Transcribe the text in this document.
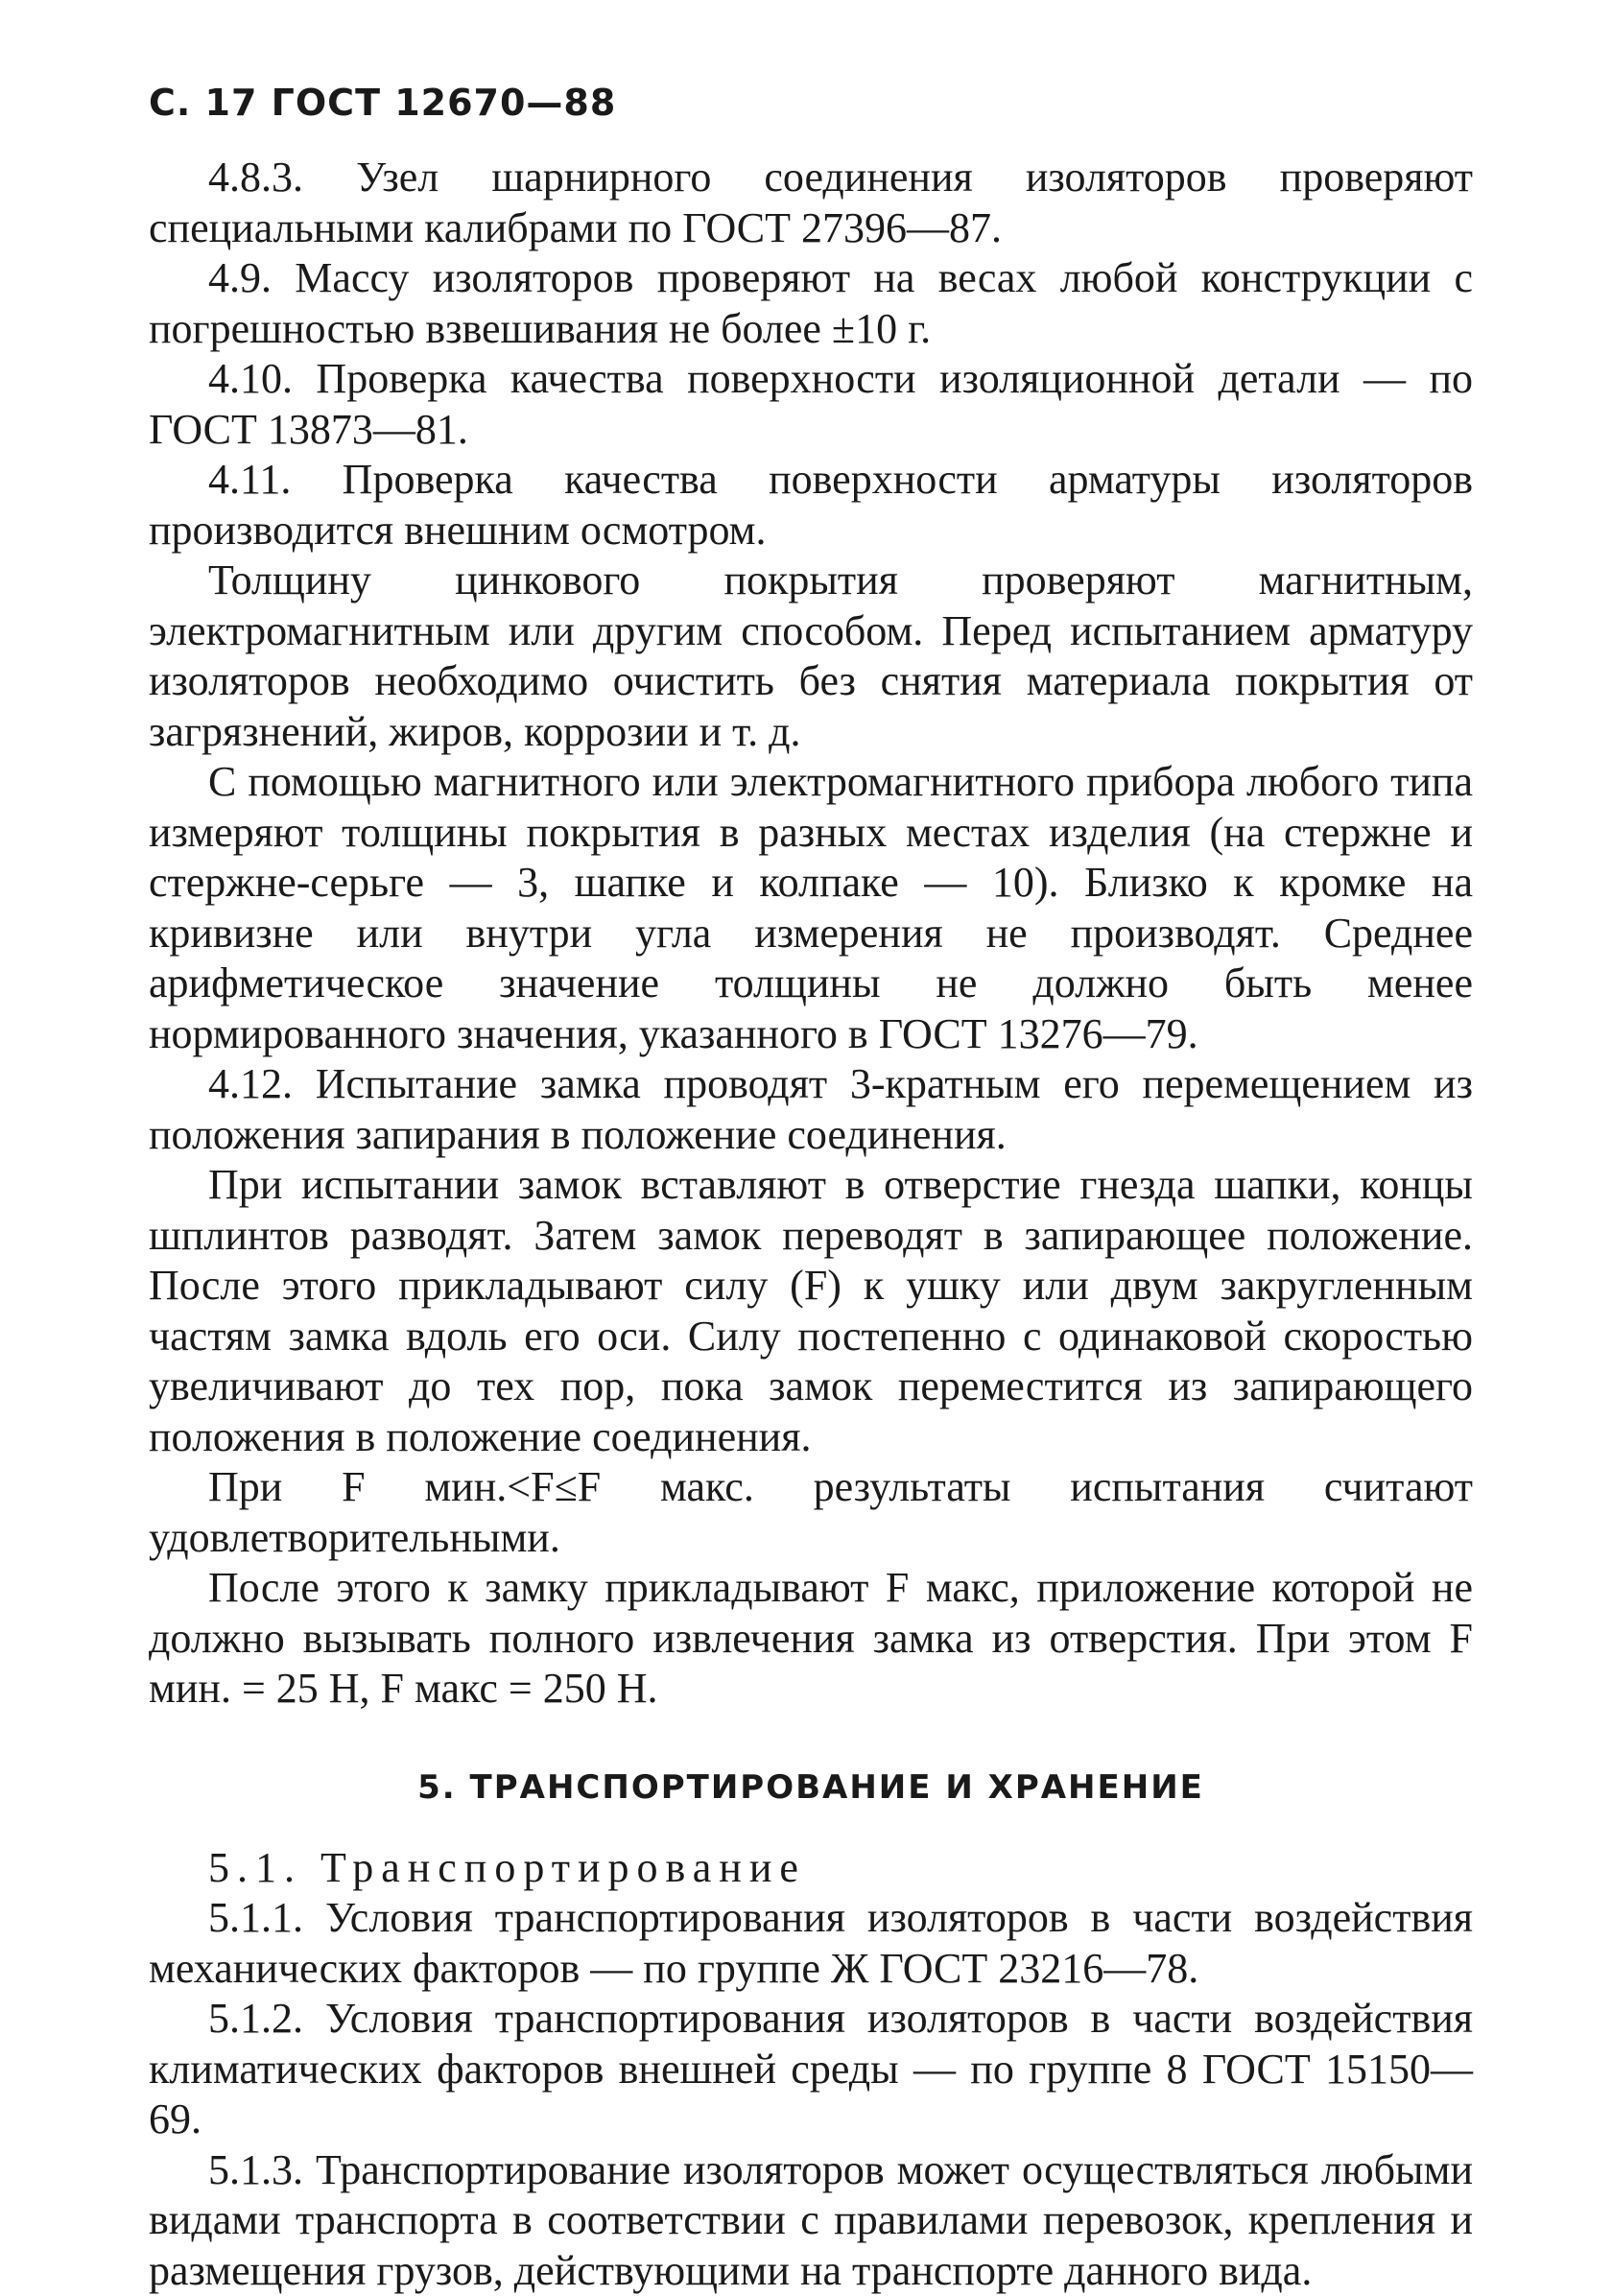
С. 17 ГОСТ 12670—88

4.8.3. Узел шарнирного соединения изоляторов проверяют специальными калибрами по ГОСТ 27396—87.

4.9. Массу изоляторов проверяют на весах любой конструкции с погрешностью взвешивания не более ±10 г.

4.10. Проверка качества поверхности изоляционной детали — по ГОСТ 13873—81.

4.11. Проверка качества поверхности арматуры изоляторов производится внешним осмотром.

Толщину цинкового покрытия проверяют магнитным, электромагнитным или другим способом. Перед испытанием арматуру изоляторов необходимо очистить без снятия материала покрытия от загрязнений, жиров, коррозии и т. д.

С помощью магнитного или электромагнитного прибора любого типа измеряют толщины покрытия в разных местах изделия (на стержне и стержне-серьге — 3, шапке и колпаке — 10). Близко к кромке на кривизне или внутри угла измерения не производят. Среднее арифметическое значение толщины не должно быть менее нормированного значения, указанного в ГОСТ 13276—79.

4.12. Испытание замка проводят 3-кратным его перемещением из положения запирания в положение соединения.

При испытании замок вставляют в отверстие гнезда шапки, концы шплинтов разводят. Затем замок переводят в запирающее положение. После этого прикладывают силу (F) к ушку или двум закругленным частям замка вдоль его оси. Силу постепенно с одинаковой скоростью увеличивают до тех пор, пока замок переместится из запирающего положения в положение соединения.

При F мин.<F≤F макс. результаты испытания считают удовлетворительными.

После этого к замку прикладывают F макс, приложение которой не должно вызывать полного извлечения замка из отверстия. При этом F мин. = 25 Н, F макс = 250 Н.

5. ТРАНСПОРТИРОВАНИЕ И ХРАНЕНИЕ

5.1. Транспортирование

5.1.1. Условия транспортирования изоляторов в части воздействия механических факторов — по группе Ж ГОСТ 23216—78.

5.1.2. Условия транспортирования изоляторов в части воздействия климатических факторов внешней среды — по группе 8 ГОСТ 15150—69.

5.1.3. Транспортирование изоляторов может осуществляться любыми видами транспорта в соответствии с правилами перевозок, крепления и размещения грузов, действующими на транспорте данного вида.
